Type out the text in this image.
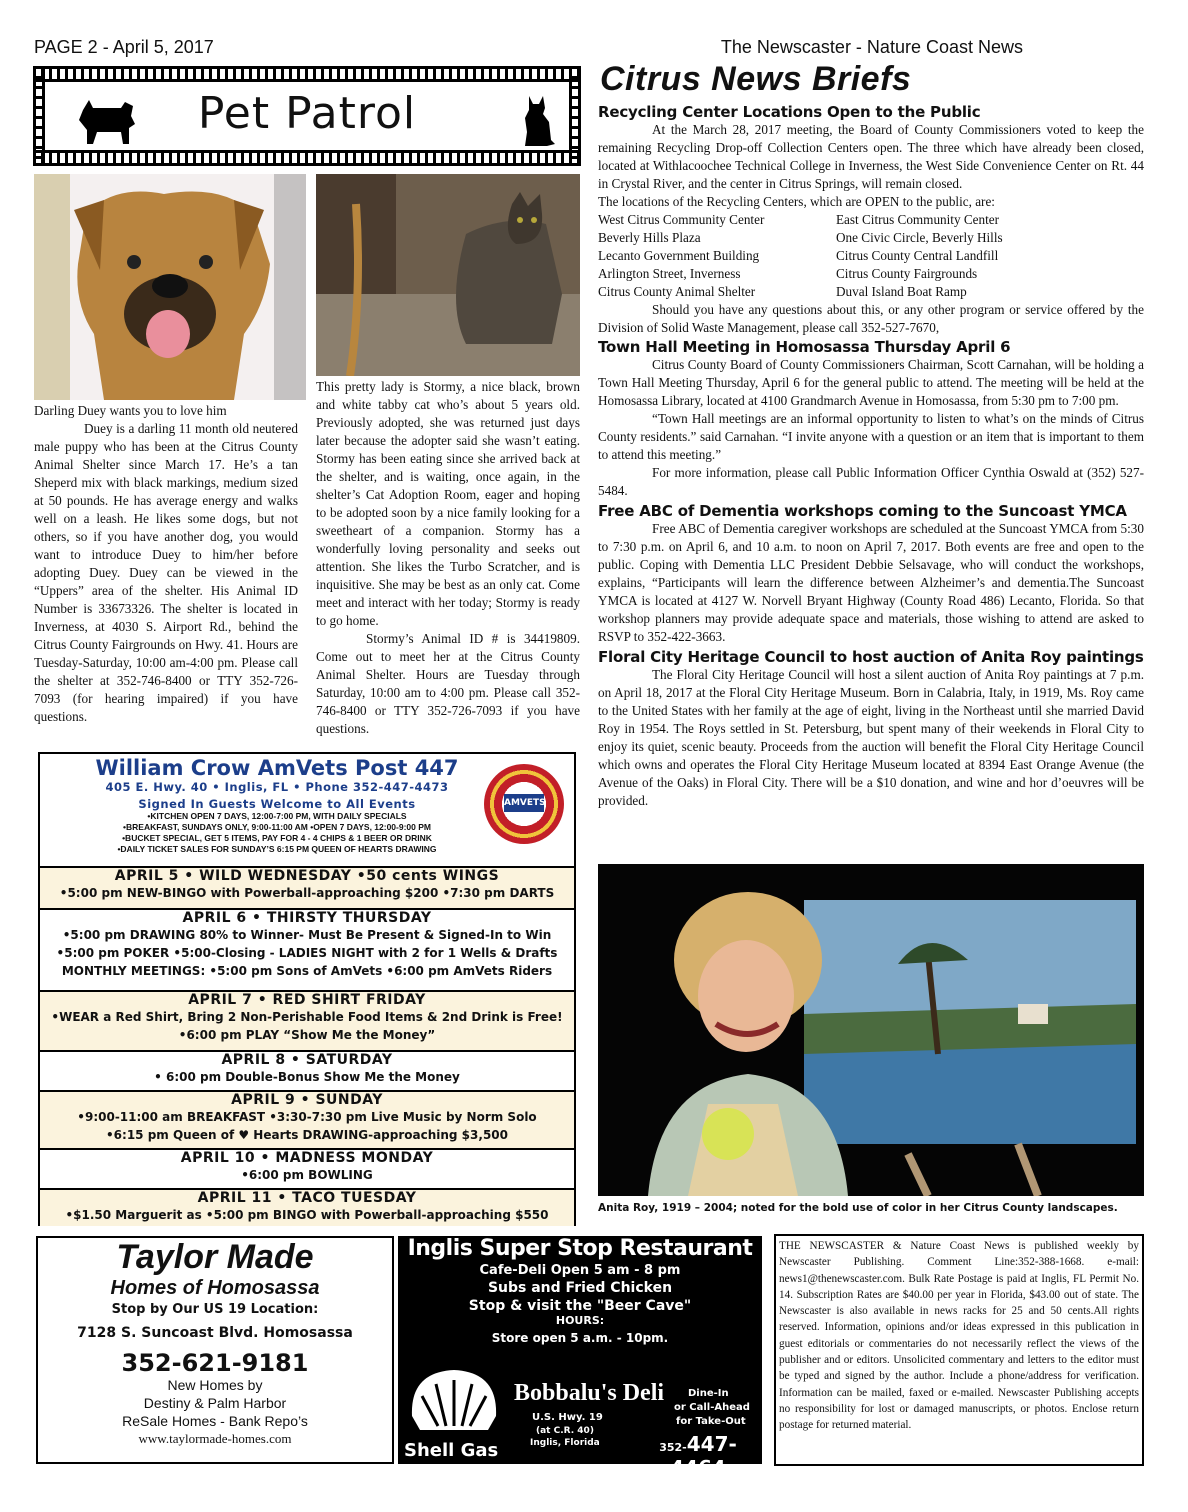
PAGE 2 - April 5, 2017	The Newscaster - Nature Coast News
Pet Patrol

Darling Duey wants you to love him

Duey is a darling 11 month old neutered male puppy who has been at the Citrus County Animal Shelter since March 17. He’s a tan Sheperd mix with black markings, medium sized at 50 pounds. He has average energy and walks well on a leash. He likes some dogs, but not others, so if you have another dog, you would want to introduce Duey to him/her before adopting Duey. Duey can be viewed in the “Uppers” area of the shelter. His Animal ID Number is 33673326. The shelter is located in Inverness, at 4030 S. Airport Rd., behind the Citrus County Fairgrounds on Hwy. 41. Hours are Tuesday-Saturday, 10:00 am-4:00 pm. Please call the shelter at 352-746-8400 or TTY 352-726-7093 (for hearing impaired) if you have questions.

This pretty lady is Stormy, a nice black, brown and white tabby cat who’s about 5 years old. Previously adopted, she was returned just days later because the adopter said she wasn’t eating. Stormy has been eating since she arrived back at the shelter, and is waiting, once again, in the shelter’s Cat Adoption Room, eager and hoping to be adopted soon by a nice family looking for a sweetheart of a companion. Stormy has a wonderfully loving personality and seeks out attention. She likes the Turbo Scratcher, and is inquisitive. She may be best as an only cat. Come meet and interact with her today; Stormy is ready to go home.

Stormy’s Animal ID # is 34419809. Come out to meet her at the Citrus County Animal Shelter. Hours are Tuesday through Saturday, 10:00 am to 4:00 pm. Please call 352-746-8400 or TTY 352-726-7093 if you have questions.

Citrus News Briefs
Recycling Center Locations Open to the Public

At the March 28, 2017 meeting, the Board of County Commissioners voted to keep the remaining Recycling Drop-off Collection Centers open. The three which have already been closed, located at Withlacoochee Technical College in Inverness, the West Side Convenience Center on Rt. 44 in Crystal River, and the center in Citrus Springs, will remain closed.

The locations of the Recycling Centers, which are OPEN to the public, are:

West Citrus Community Center	East Citrus Community Center
Beverly Hills Plaza	One Civic Circle, Beverly Hills
Lecanto Government Building	Citrus County Central Landfill
Arlington Street, Inverness	Citrus County Fairgrounds
Citrus County Animal Shelter	Duval Island Boat Ramp

Should you have any questions about this, or any other program or service offered by the Division of Solid Waste Management, please call 352-527-7670,

Town Hall Meeting in Homosassa Thursday April 6

Citrus County Board of County Commissioners Chairman, Scott Carnahan, will be holding a Town Hall Meeting Thursday, April 6 for the general public to attend. The meeting will be held at the Homosassa Library, located at 4100 Grandmarch Avenue in Homosassa, from 5:30 pm to 7:00 pm.

“Town Hall meetings are an informal opportunity to listen to what’s on the minds of Citrus County residents.” said Carnahan. “I invite anyone with a question or an item that is important to them to attend this meeting.”

For more information, please call Public Information Officer Cynthia Oswald at (352) 527-5484.

Free ABC of Dementia workshops coming to the Suncoast YMCA

Free ABC of Dementia caregiver workshops are scheduled at the Suncoast YMCA from 5:30 to 7:30 p.m. on April 6, and 10 a.m. to noon on April 7, 2017. Both events are free and open to the public. Coping with Dementia LLC President Debbie Selsavage, who will conduct the workshops, explains, “Participants will learn the difference between Alzheimer’s and dementia.The Suncoast YMCA is located at 4127 W. Norvell Bryant Highway (County Road 486) Lecanto, Florida. So that workshop planners may provide adequate space and materials, those wishing to attend are asked to RSVP to 352-422-3663.

Floral City Heritage Council to host auction of Anita Roy paintings

The Floral City Heritage Council will host a silent auction of Anita Roy paintings at 7 p.m. on April 18, 2017 at the Floral City Heritage Museum. Born in Calabria, Italy, in 1919, Ms. Roy came to the United States with her family at the age of eight, living in the Northeast until she married David Roy in 1954. The Roys settled in St. Petersburg, but spent many of their weekends in Floral City to enjoy its quiet, scenic beauty. Proceeds from the auction will benefit the Floral City Heritage Council which owns and operates the Floral City Heritage Museum located at 8394 East Orange Avenue (the Avenue of the Oaks) in Floral City. There will be a $10 donation, and wine and hor d’oeuvres will be provided.

Anita Roy, 1919 – 2004; noted for the bold use of color in her Citrus County landscapes.
William Crow AmVets Post 447
405 E. Hwy. 40 • Inglis, FL • Phone 352-447-4473
Signed In Guests Welcome to All Events
•KITCHEN OPEN 7 DAYS, 12:00-7:00 PM, WITH DAILY SPECIALS
•BREAKFAST, SUNDAYS ONLY, 9:00-11:00 AM •OPEN 7 DAYS, 12:00-9:00 PM
•BUCKET SPECIAL, GET 5 ITEMS, PAY FOR 4 - 4 CHIPS & 1 BEER OR DRINK
•DAILY TICKET SALES FOR SUNDAY’S 6:15 PM QUEEN OF HEARTS DRAWING
AMVETS
APRIL 5 • WILD WEDNESDAY •50 cents WINGS
•5:00 pm NEW-BINGO with Powerball-approaching $200 •7:30 pm DARTS
APRIL 6 • THIRSTY THURSDAY
•5:00 pm DRAWING 80% to Winner- Must Be Present & Signed-In to Win
•5:00 pm POKER •5:00-Closing - LADIES NIGHT with 2 for 1 Wells & Drafts
MONTHLY MEETINGS: •5:00 pm Sons of AmVets •6:00 pm AmVets Riders
APRIL 7 • RED SHIRT FRIDAY
•WEAR a Red Shirt, Bring 2 Non-Perishable Food Items & 2nd Drink is Free!
•6:00 pm PLAY “Show Me the Money”
APRIL 8 • SATURDAY
• 6:00 pm Double-Bonus Show Me the Money
APRIL 9 • SUNDAY
•9:00-11:00 am BREAKFAST •3:30-7:30 pm Live Music by Norm Solo
•6:15 pm Queen of ♥ Hearts DRAWING-approaching $3,500
APRIL 10 • MADNESS MONDAY
•6:00 pm BOWLING
APRIL 11 • TACO TUESDAY
•$1.50 Marguerit as •5:00 pm BINGO with Powerball-approaching $550
Taylor Made
Homes of Homosassa
Stop by Our US 19 Location:
7128 S. Suncoast Blvd. Homosassa
352-621-9181
New Homes by
Destiny & Palm Harbor
ReSale Homes - Bank Repo’s
www.taylormade-homes.com
Inglis Super Stop Restaurant
Cafe-Deli Open 5 am - 8 pm
Subs and Fried Chicken
Stop & visit the "Beer Cave"
HOURS:
Store open 5 a.m. - 10pm.
Shell Gas
Bobbalu's Deli Dine-In
or Call-Ahead
for Take-Out
U.S. Hwy. 19
(at C.R. 40)
Inglis, Florida	352-447-4464
THE NEWSCASTER & Nature Coast News is published weekly by Newscaster Publishing. Comment Line:352-388-1668. e-mail: news1@thenewscaster.com. Bulk Rate Postage is paid at Inglis, FL Permit No. 14. Subscription Rates are $40.00 per year in Florida, $43.00 out of state. The Newscaster is also available in news racks for 25 and 50 cents.All rights reserved. Information, opinions and/or ideas expressed in this publication in guest editorials or commentaries do not necessarily reflect the views of the publisher and or editors. Unsolicited commentary and letters to the editor must be typed and signed by the author. Include a phone/address for verification. Information can be mailed, faxed or e-mailed. Newscaster Publishing accepts no responsibility for lost or damaged manuscripts, or photos. Enclose return postage for returned material.
